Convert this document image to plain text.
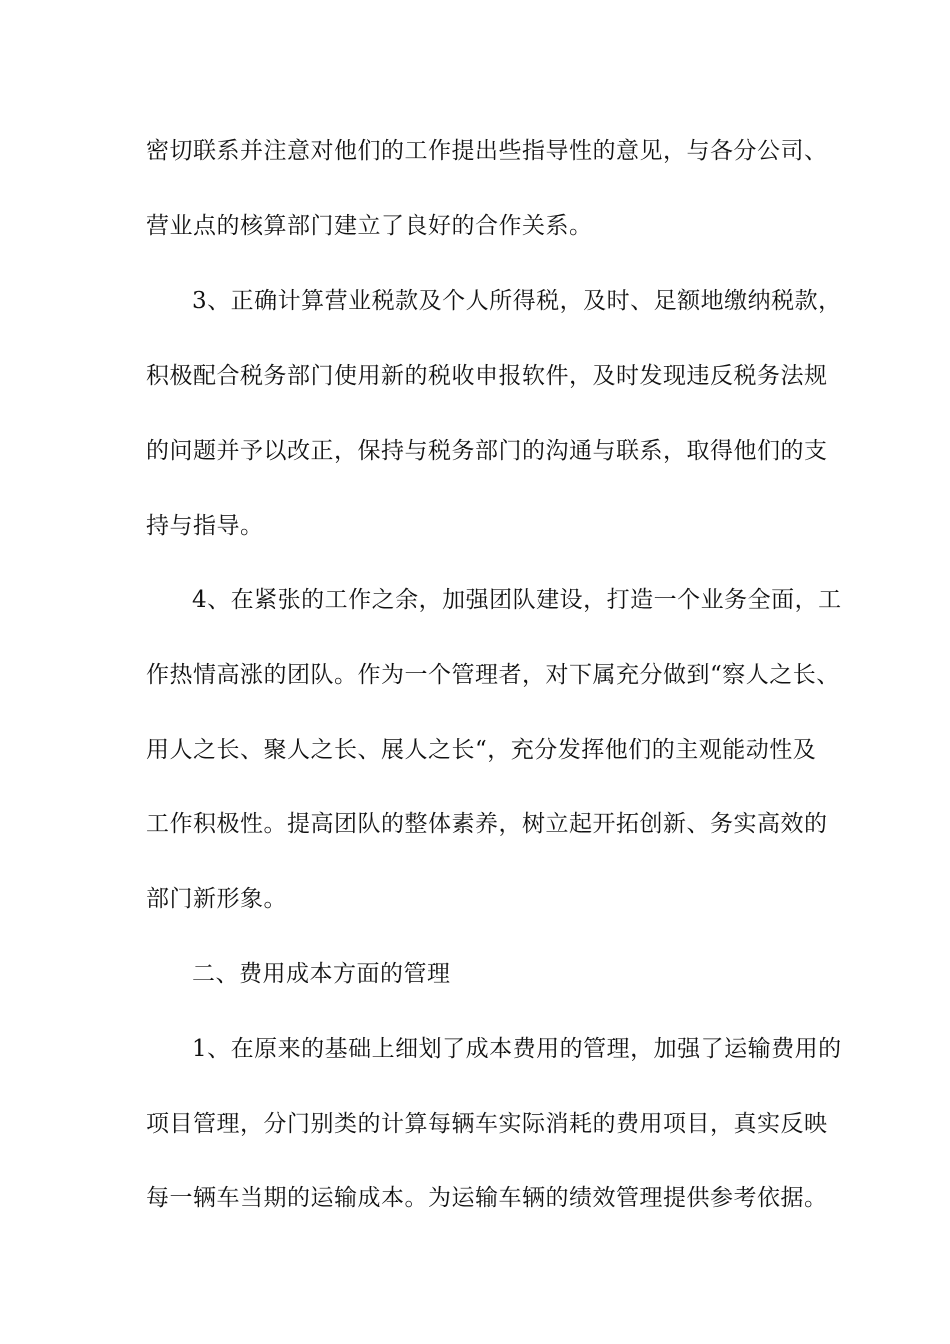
密切联系并注意对他们的工作提出些指导性的意见，与各分公司、
营业点的核算部门建立了良好的合作关系。
3、正确计算营业税款及个人所得税，及时、足额地缴纳税款，
积极配合税务部门使用新的税收申报软件，及时发现违反税务法规
的问题并予以改正，保持与税务部门的沟通与联系，取得他们的支
持与指导。
4、在紧张的工作之余，加强团队建设，打造一个业务全面，工
作热情高涨的团队。作为一个管理者，对下属充分做到“察人之长、
用人之长、聚人之长、展人之长“，充分发挥他们的主观能动性及
工作积极性。提高团队的整体素养，树立起开拓创新、务实高效的
部门新形象。
二、费用成本方面的管理
1、在原来的基础上细划了成本费用的管理，加强了运输费用的
项目管理，分门别类的计算每辆车实际消耗的费用项目，真实反映
每一辆车当期的运输成本。为运输车辆的绩效管理提供参考依据。
